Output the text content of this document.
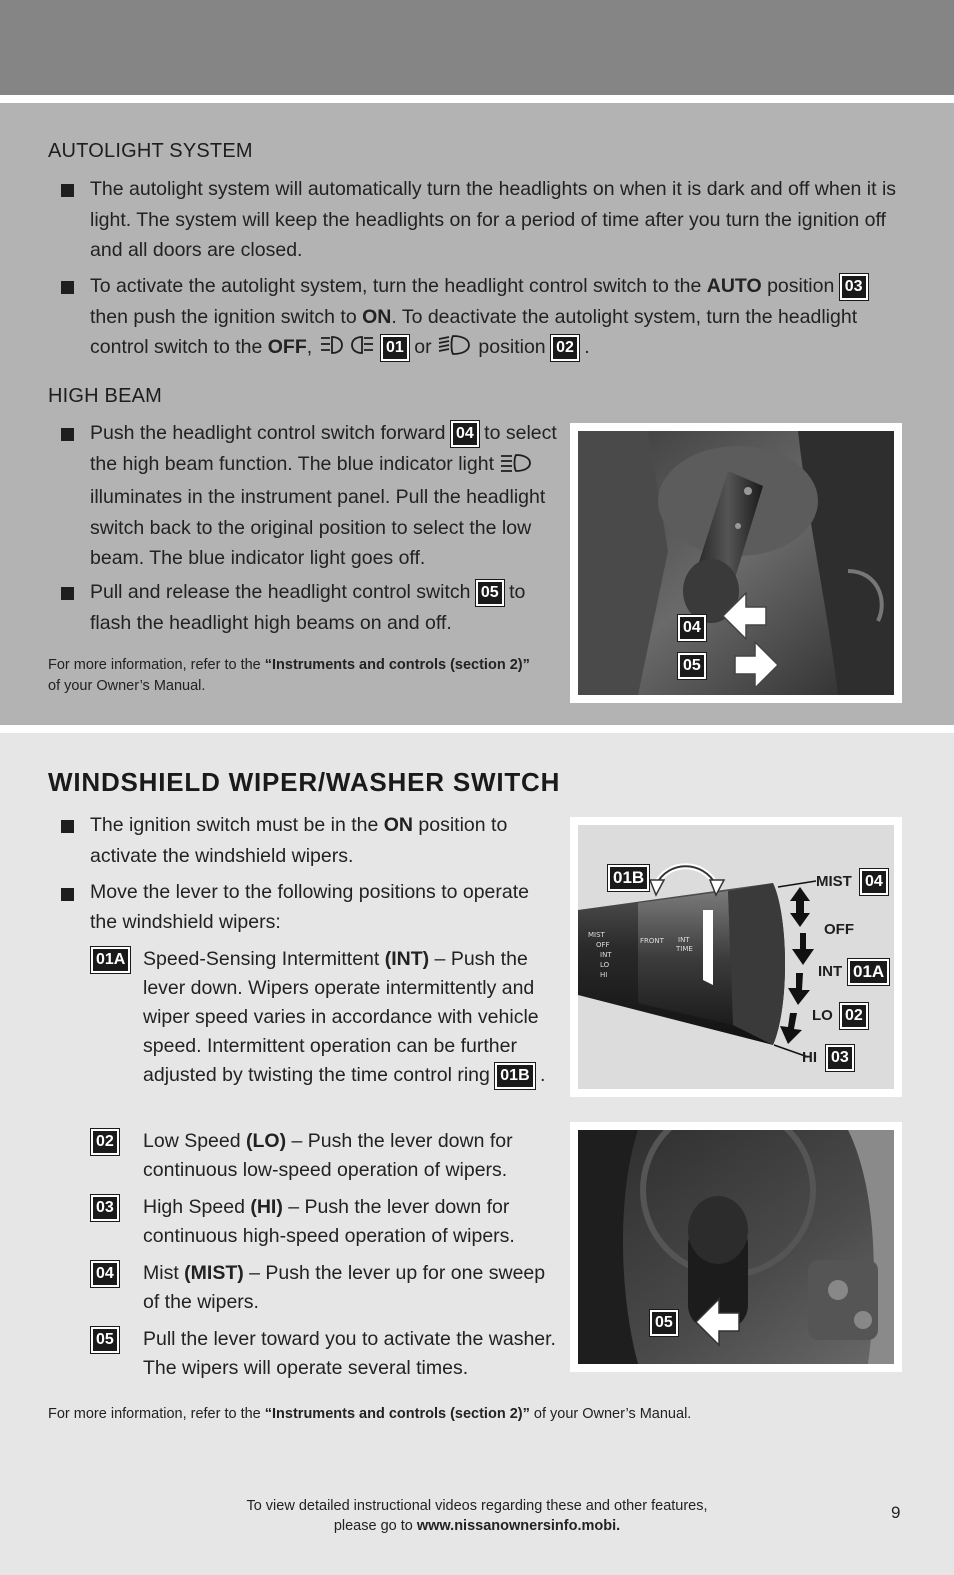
AUTOLIGHT SYSTEM
The autolight system will automatically turn the headlights on when it is dark and off when it is light. The system will keep the headlights on for a period of time after you turn the ignition off and all doors are closed.
To activate the autolight system, turn the headlight control switch to the AUTO position 03
then push the ignition switch to ON. To deactivate the autolight system, turn the headlight control switch to the OFF,	01 or  position 02 .
HIGH BEAM
Push the headlight control switch forward 04 to select the high beam function. The blue indicator light  illuminates in the instrument panel. Pull the headlight switch back to the original position to select the low beam. The blue indicator light goes off.
Pull and release the headlight control switch 05 to flash the headlight high beams on and off.
For more information, refer to the “Instruments and controls (section 2)”
of your Owner’s Manual.
04
05
WINDSHIELD WIPER/WASHER SWITCH
The ignition switch must be in the ON position to activate the windshield wipers.
Move the lever to the following positions to operate the windshield wipers:
01A Speed-Sensing Intermittent (INT) – Push the lever down. Wipers operate intermittently and wiper speed varies in accordance with vehicle speed. Intermittent operation can be further adjusted by twisting the time control ring 01B .
02 Low Speed (LO) – Push the lever down for continuous low-speed operation of wipers.
03 High Speed (HI) – Push the lever down for continuous high-speed operation of wipers.
04 Mist (MIST) – Push the lever up for one sweep of the wipers.
05 Pull the lever toward you to activate the washer. The wipers will operate several times.
For more information, refer to the “Instruments and controls (section 2)” of your Owner’s Manual.
MIST
OFF
INT
LO
HI
FRONT INT
TIME
01B	MIST 04
OFF
INT 01A
LO 02
HI 03
05
To view detailed instructional videos regarding these and other features,
please go to www.nissanownersinfo.mobi.
9
